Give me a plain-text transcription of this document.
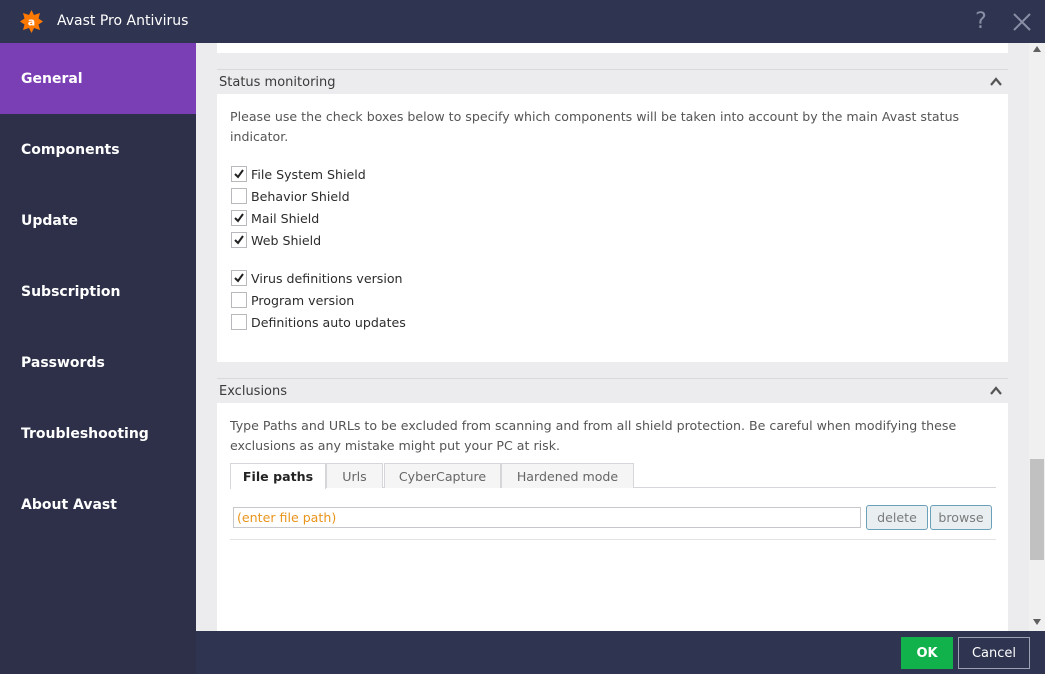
a Avast Pro Antivirus	?
General
Components
Update
Subscription
Passwords
Troubleshooting
About Avast
Status monitoring
Please use the check boxes below to specify which components will be taken into account by the main Avast status indicator.
File System Shield
Behavior Shield
Mail Shield
Web Shield
Virus definitions version
Program version
Definitions auto updates
Exclusions
Type Paths and URLs to be excluded from scanning and from all shield protection. Be careful when modifying these exclusions as any mistake might put your PC at risk.
File paths	Urls	CyberCapture	Hardened mode
(enter file path)	delete	browse
OK	Cancel
